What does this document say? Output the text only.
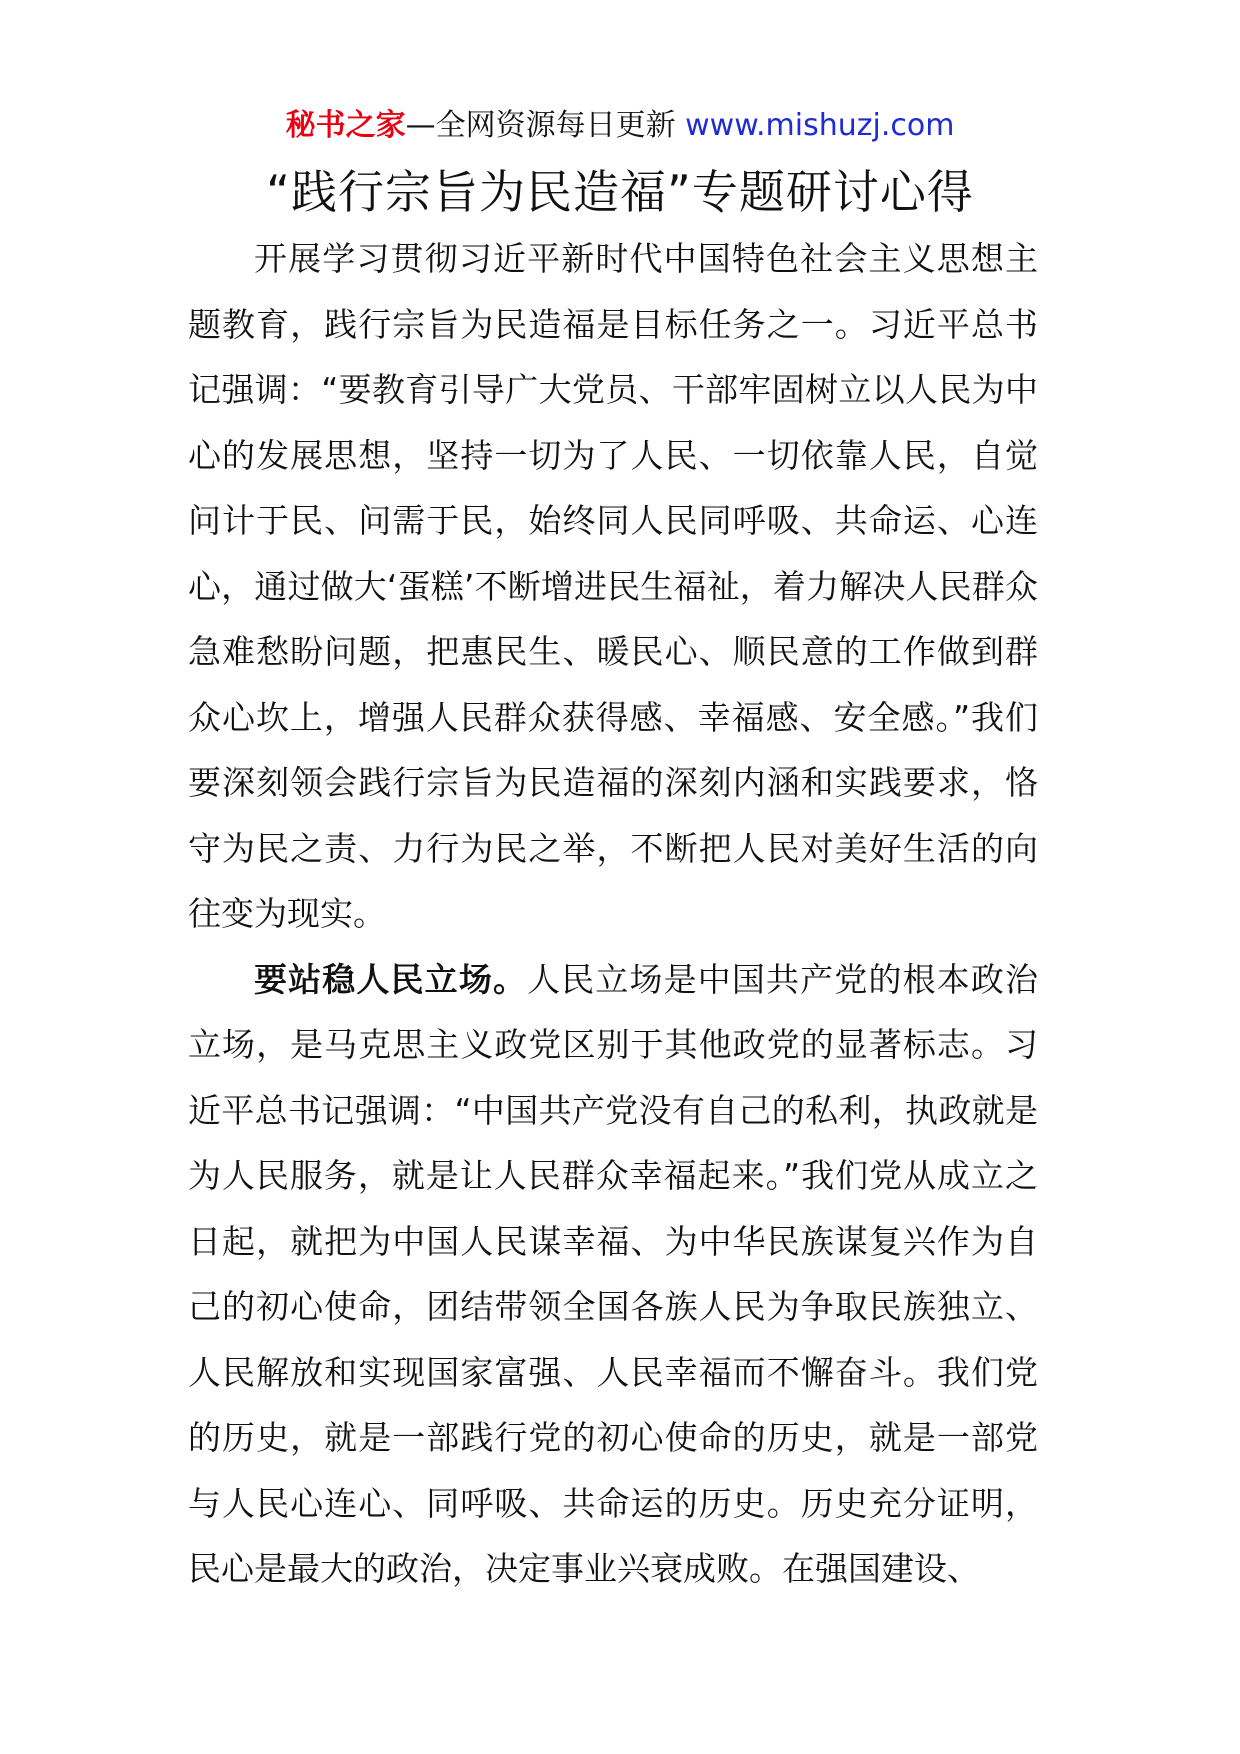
秘书之家—全网资源每日更新 www.mishuzj.com
“践行宗旨为民造福”专题研讨心得

开展学习贯彻习近平新时代中国特色社会主义思想主题教育，践行宗旨为民造福是目标任务之一。习近平总书记强调：“要教育引导广大党员、干部牢固树立以人民为中心的发展思想，坚持一切为了人民、一切依靠人民，自觉问计于民、问需于民，始终同人民同呼吸、共命运、心连心，通过做大‘蛋糕’不断增进民生福祉，着力解决人民群众急难愁盼问题，把惠民生、暖民心、顺民意的工作做到群众心坎上，增强人民群众获得感、幸福感、安全感。”我们要深刻领会践行宗旨为民造福的深刻内涵和实践要求，恪守为民之责、力行为民之举，不断把人民对美好生活的向往变为现实。

要站稳人民立场。人民立场是中国共产党的根本政治立场，是马克思主义政党区别于其他政党的显著标志。习近平总书记强调：“中国共产党没有自己的私利，执政就是为人民服务，就是让人民群众幸福起来。”我们党从成立之日起，就把为中国人民谋幸福、为中华民族谋复兴作为自己的初心使命，团结带领全国各族人民为争取民族独立、人民解放和实现国家富强、人民幸福而不懈奋斗。我们党的历史，就是一部践行党的初心使命的历史，就是一部党与人民心连心、同呼吸、共命运的历史。历史充分证明，民心是最大的政治，决定事业兴衰成败。在强国建设、
